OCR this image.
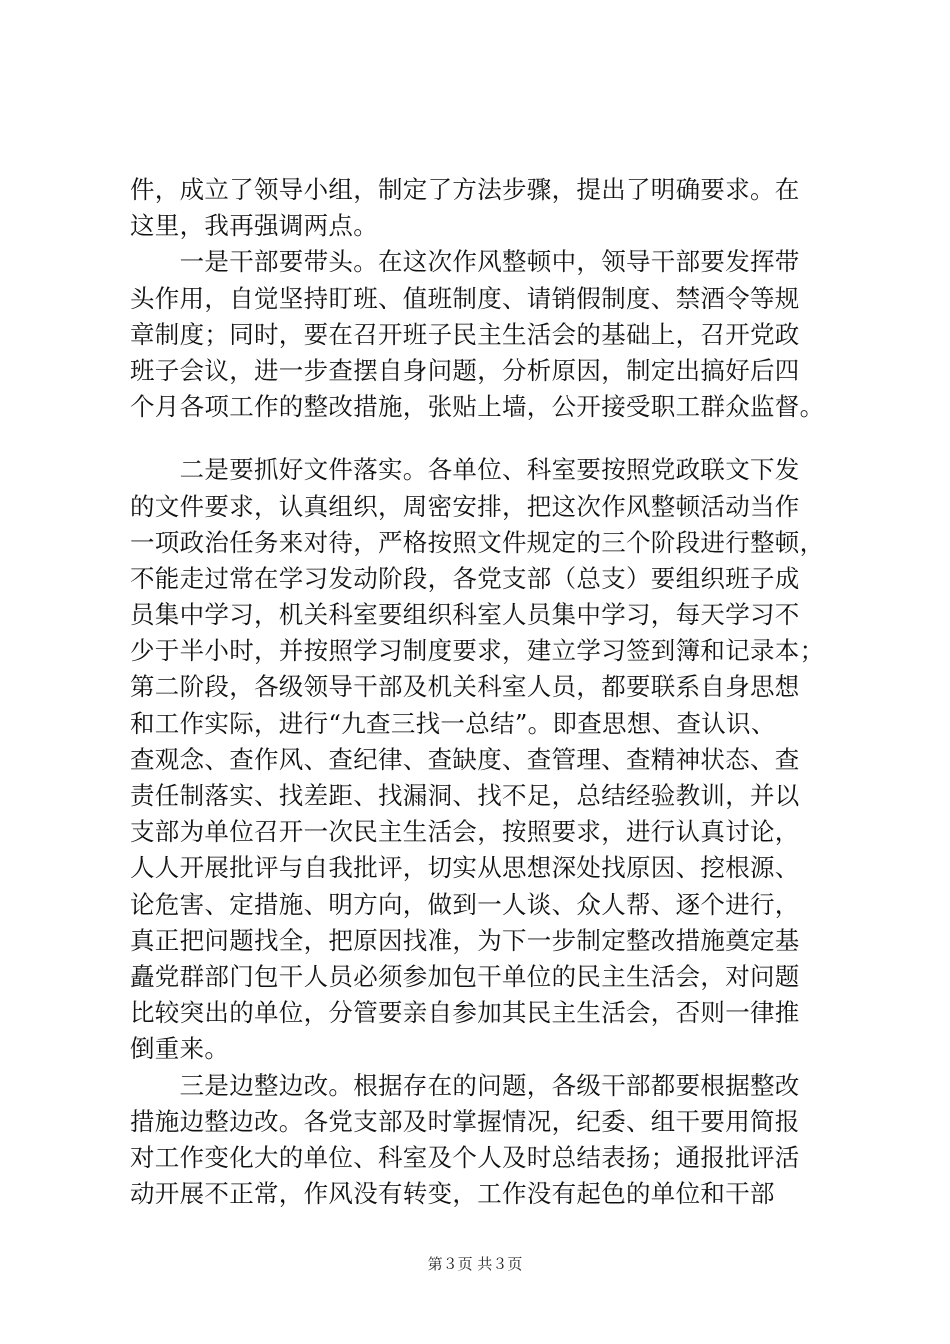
件，成立了领导小组，制定了方法步骤，提出了明确要求。在
这里，我再强调两点。
　　一是干部要带头。在这次作风整顿中，领导干部要发挥带
头作用，自觉坚持盯班、值班制度、请销假制度、禁酒令等规
章制度；同时，要在召开班子民主生活会的基础上，召开党政
班子会议，进一步查摆自身问题，分析原因，制定出搞好后四
个月各项工作的整改措施，张贴上墙，公开接受职工群众监督。
　　二是要抓好文件落实。各单位、科室要按照党政联文下发
的文件要求，认真组织，周密安排，把这次作风整顿活动当作
一项政治任务来对待，严格按照文件规定的三个阶段进行整顿，
不能走过常在学习发动阶段，各党支部（总支）要组织班子成
员集中学习，机关科室要组织科室人员集中学习，每天学习不
少于半小时，并按照学习制度要求，建立学习签到簿和记录本；
第二阶段，各级领导干部及机关科室人员，都要联系自身思想
和工作实际，进行“九查三找一总结”。即查思想、查认识、
查观念、查作风、查纪律、查缺度、查管理、查精神状态、查
责任制落实、找差距、找漏洞、找不足，总结经验教训，并以
支部为单位召开一次民主生活会，按照要求，进行认真讨论，
人人开展批评与自我批评，切实从思想深处找原因、挖根源、
论危害、定措施、明方向，做到一人谈、众人帮、逐个进行，
真正把问题找全，把原因找准，为下一步制定整改措施奠定基
矗党群部门包干人员必须参加包干单位的民主生活会，对问题
比较突出的单位，分管要亲自参加其民主生活会，否则一律推
倒重来。
　　三是边整边改。根据存在的问题，各级干部都要根据整改
措施边整边改。各党支部及时掌握情况，纪委、组干要用简报
对工作变化大的单位、科室及个人及时总结表扬；通报批评活
动开展不正常，作风没有转变，工作没有起色的单位和干部
第３页 共３页
